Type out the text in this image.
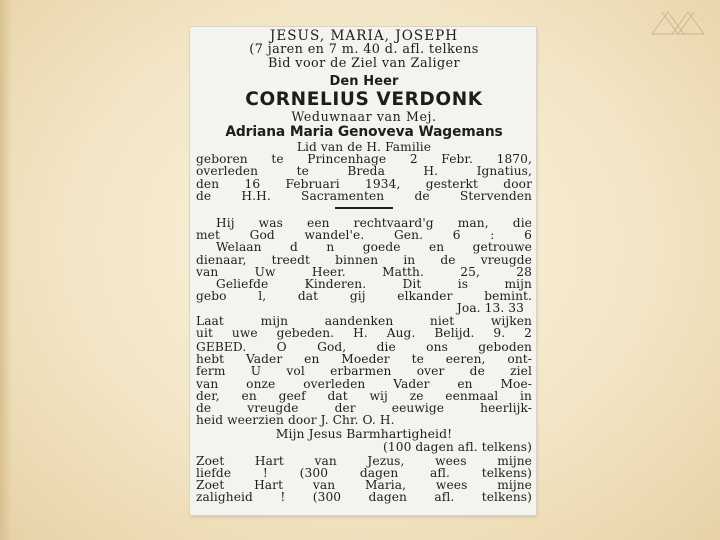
JESUS, MARIA, JOSEPH

(7 jaren en 7 m. 40 d. afl. telkens

Bid voor de Ziel van Zaliger

Den Heer

CORNELIUS VERDONK

Weduwnaar van Mej.

Adriana Maria Genoveva Wagemans

Lid van de H. Familie

geboren te Princenhage 2 Febr. 1870,

overleden te Breda H. Ignatius,

den 16 Februari 1934, gesterkt door

de H.H. Sacramenten de Stervenden

Hij was een rechtvaard'g man, die

met God wandel'e. Gen. 6 : 6

Welaan d n goede en getrouwe

dienaar, treedt binnen in de vreugde

van Uw Heer. Matth. 25, 28

Geliefde Kinderen. Dit is mijn

gebo l, dat gij elkander bemint.

Joa. 13. 33

Laat mijn aandenken niet wijken

uit uwe gebeden. H. Aug. Belijd. 9. 2

GEBED. O God, die ons geboden

hebt Vader en Moeder te eeren, ont-

ferm U vol erbarmen over de ziel

van onze overleden Vader en Moe-

der, en geef dat wij ze eenmaal in

de vreugde der eeuwige heerlijk-

heid weerzien door J. Chr. O. H.

Mijn Jesus Barmhartigheid!

(100 dagen afl. telkens)

Zoet Hart van Jezus, wees mijne

liefde ! (300 dagen afl. telkens)

Zoet Hart van Maria, wees mijne

zaligheid ! (300 dagen afl. telkens)
